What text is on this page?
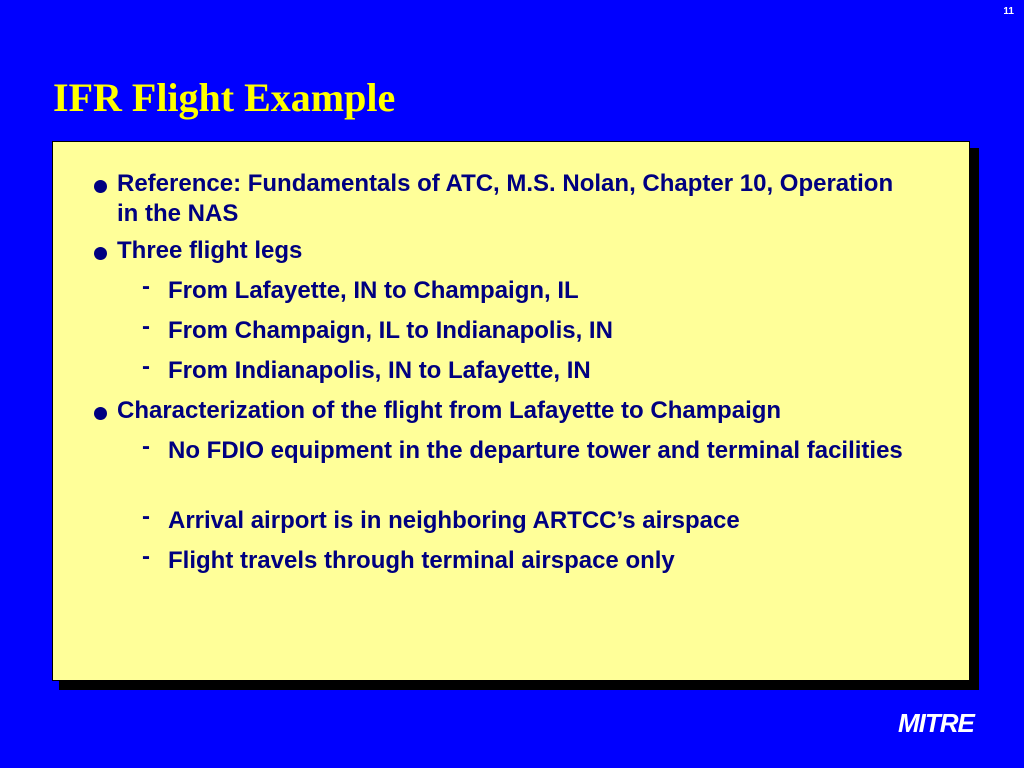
11
IFR Flight Example
Reference: Fundamentals of ATC, M.S. Nolan, Chapter 10, Operation in the NAS
Three flight legs
- From Lafayette, IN to Champaign, IL
- From Champaign, IL to Indianapolis, IN
- From Indianapolis, IN to Lafayette, IN
Characterization of the flight from Lafayette to Champaign
- No FDIO equipment in the departure tower and terminal facilities
- Arrival airport is in neighboring ARTCC’s airspace
- Flight travels through terminal airspace only
MITRE
